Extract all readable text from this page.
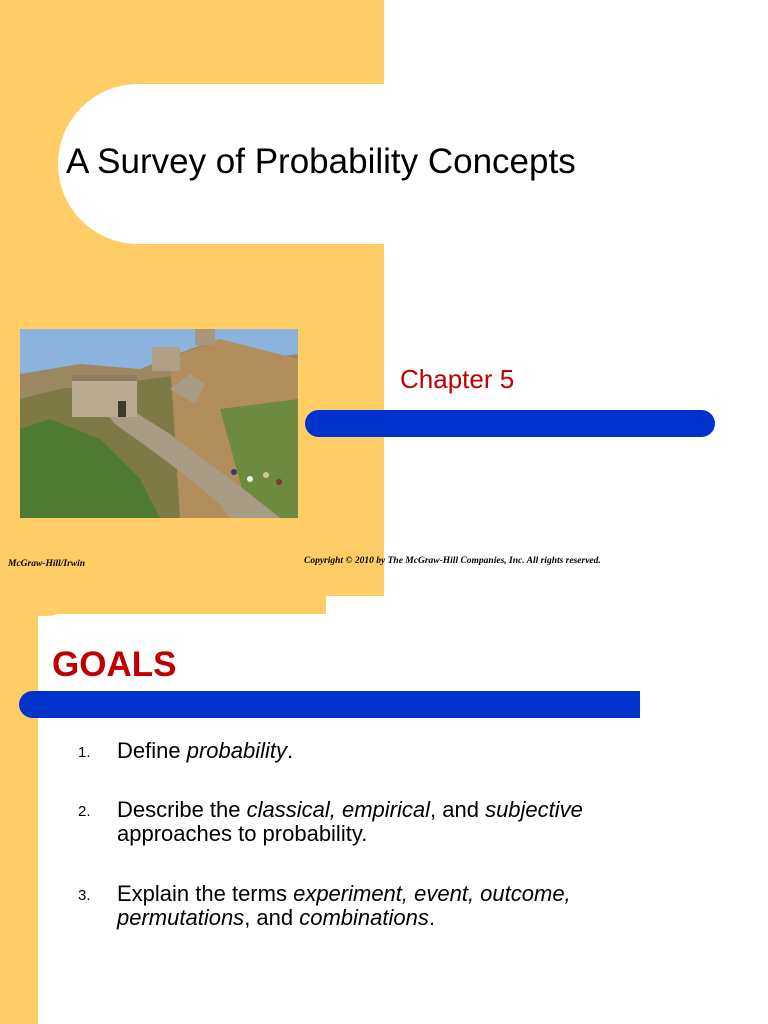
A Survey of Probability Concepts
Chapter 5
McGraw-Hill/Irwin	Copyright © 2010 by The McGraw-Hill Companies, Inc. All rights reserved.
GOALS
1.	Define probability.
2.	Describe the classical, empirical, and subjective approaches to probability.
3.	Explain the terms experiment, event, outcome, permutations, and combinations.
